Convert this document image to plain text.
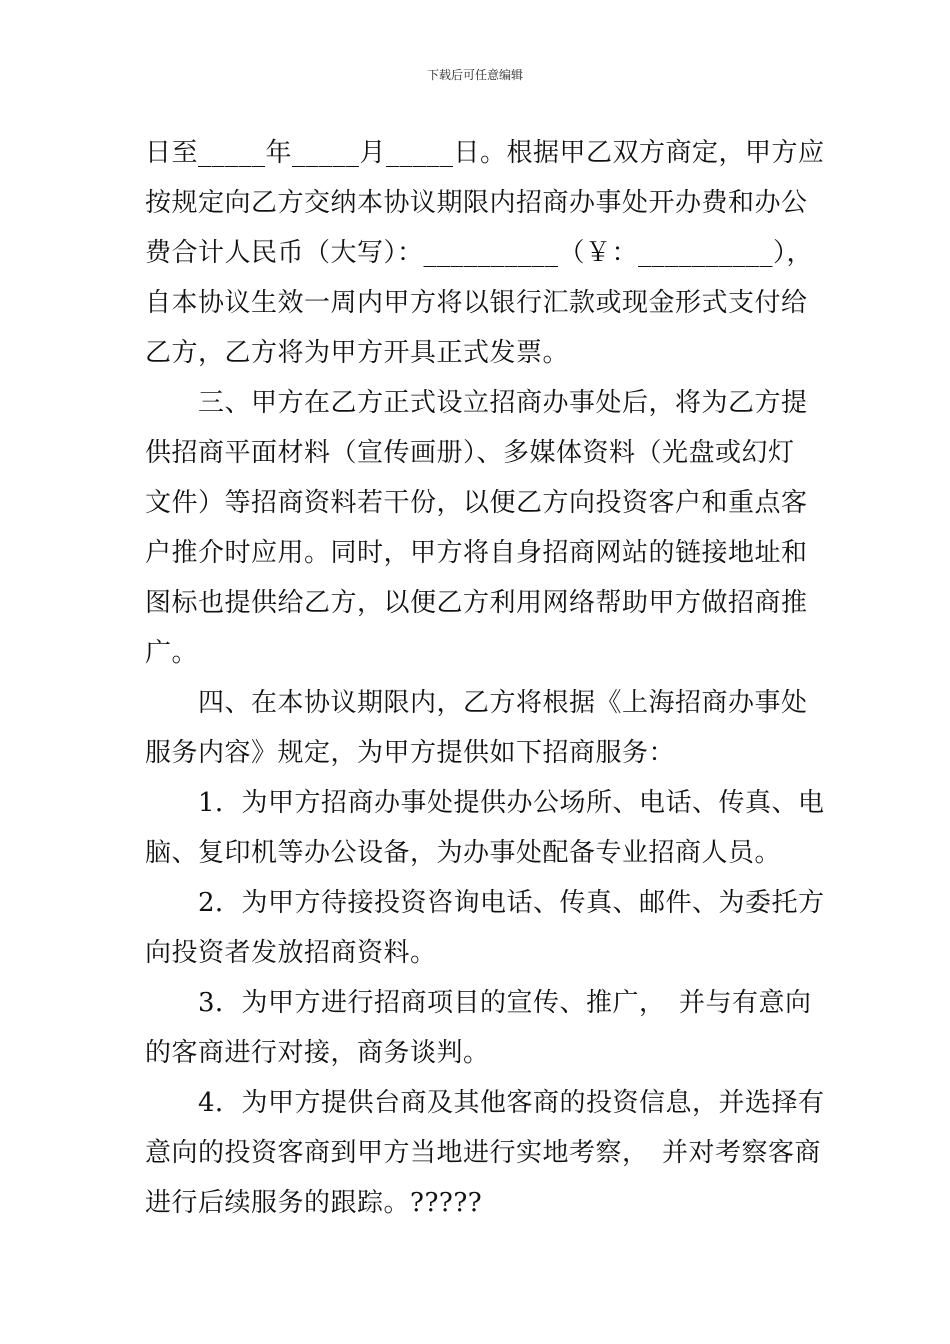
下载后可任意编辑
日至_____年_____月_____日。根据甲乙双方商定，甲方应
按规定向乙方交纳本协议期限内招商办事处开办费和办公
费合计人民币（大写）：__________（￥：__________），
自本协议生效一周内甲方将以银行汇款或现金形式支付给
乙方，乙方将为甲方开具正式发票。
　　三、甲方在乙方正式设立招商办事处后，将为乙方提
供招商平面材料（宣传画册）、多媒体资料（光盘或幻灯
文件）等招商资料若干份，以便乙方向投资客户和重点客
户推介时应用。同时，甲方将自身招商网站的链接地址和
图标也提供给乙方，以便乙方利用网络帮助甲方做招商推
广。
　　四、在本协议期限内，乙方将根据《上海招商办事处
服务内容》规定，为甲方提供如下招商服务：
　　1．为甲方招商办事处提供办公场所、电话、传真、电
脑、复印机等办公设备，为办事处配备专业招商人员。
　　2．为甲方待接投资咨询电话、传真、邮件、为委托方
向投资者发放招商资料。
　　3．为甲方进行招商项目的宣传、推广，　并与有意向
的客商进行对接，商务谈判。
　　4．为甲方提供台商及其他客商的投资信息，并选择有
意向的投资客商到甲方当地进行实地考察，　并对考察客商
进行后续服务的跟踪。?????
